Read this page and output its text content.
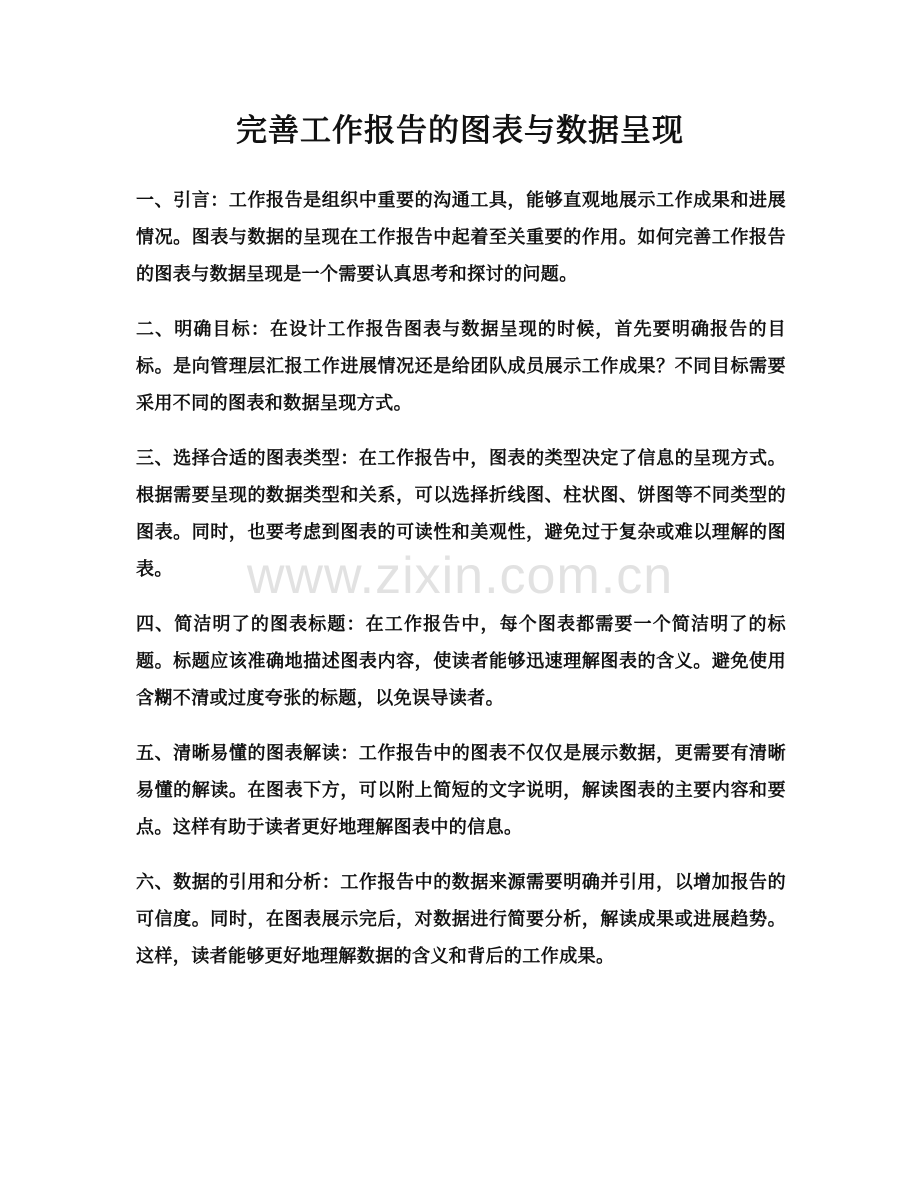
完善工作报告的图表与数据呈现

一、引言：工作报告是组织中重要的沟通工具，能够直观地展示工作成果和进展情况。图表与数据的呈现在工作报告中起着至关重要的作用。如何完善工作报告的图表与数据呈现是一个需要认真思考和探讨的问题。

二、明确目标：在设计工作报告图表与数据呈现的时候，首先要明确报告的目标。是向管理层汇报工作进展情况还是给团队成员展示工作成果？不同目标需要采用不同的图表和数据呈现方式。

三、选择合适的图表类型：在工作报告中，图表的类型决定了信息的呈现方式。根据需要呈现的数据类型和关系，可以选择折线图、柱状图、饼图等不同类型的图表。同时，也要考虑到图表的可读性和美观性，避免过于复杂或难以理解的图表。

四、简洁明了的图表标题：在工作报告中，每个图表都需要一个简洁明了的标题。标题应该准确地描述图表内容，使读者能够迅速理解图表的含义。避免使用含糊不清或过度夸张的标题，以免误导读者。

五、清晰易懂的图表解读：工作报告中的图表不仅仅是展示数据，更需要有清晰易懂的解读。在图表下方，可以附上简短的文字说明，解读图表的主要内容和要点。这样有助于读者更好地理解图表中的信息。

六、数据的引用和分析：工作报告中的数据来源需要明确并引用，以增加报告的可信度。同时，在图表展示完后，对数据进行简要分析，解读成果或进展趋势。这样，读者能够更好地理解数据的含义和背后的工作成果。

www.zixin.com.cn
